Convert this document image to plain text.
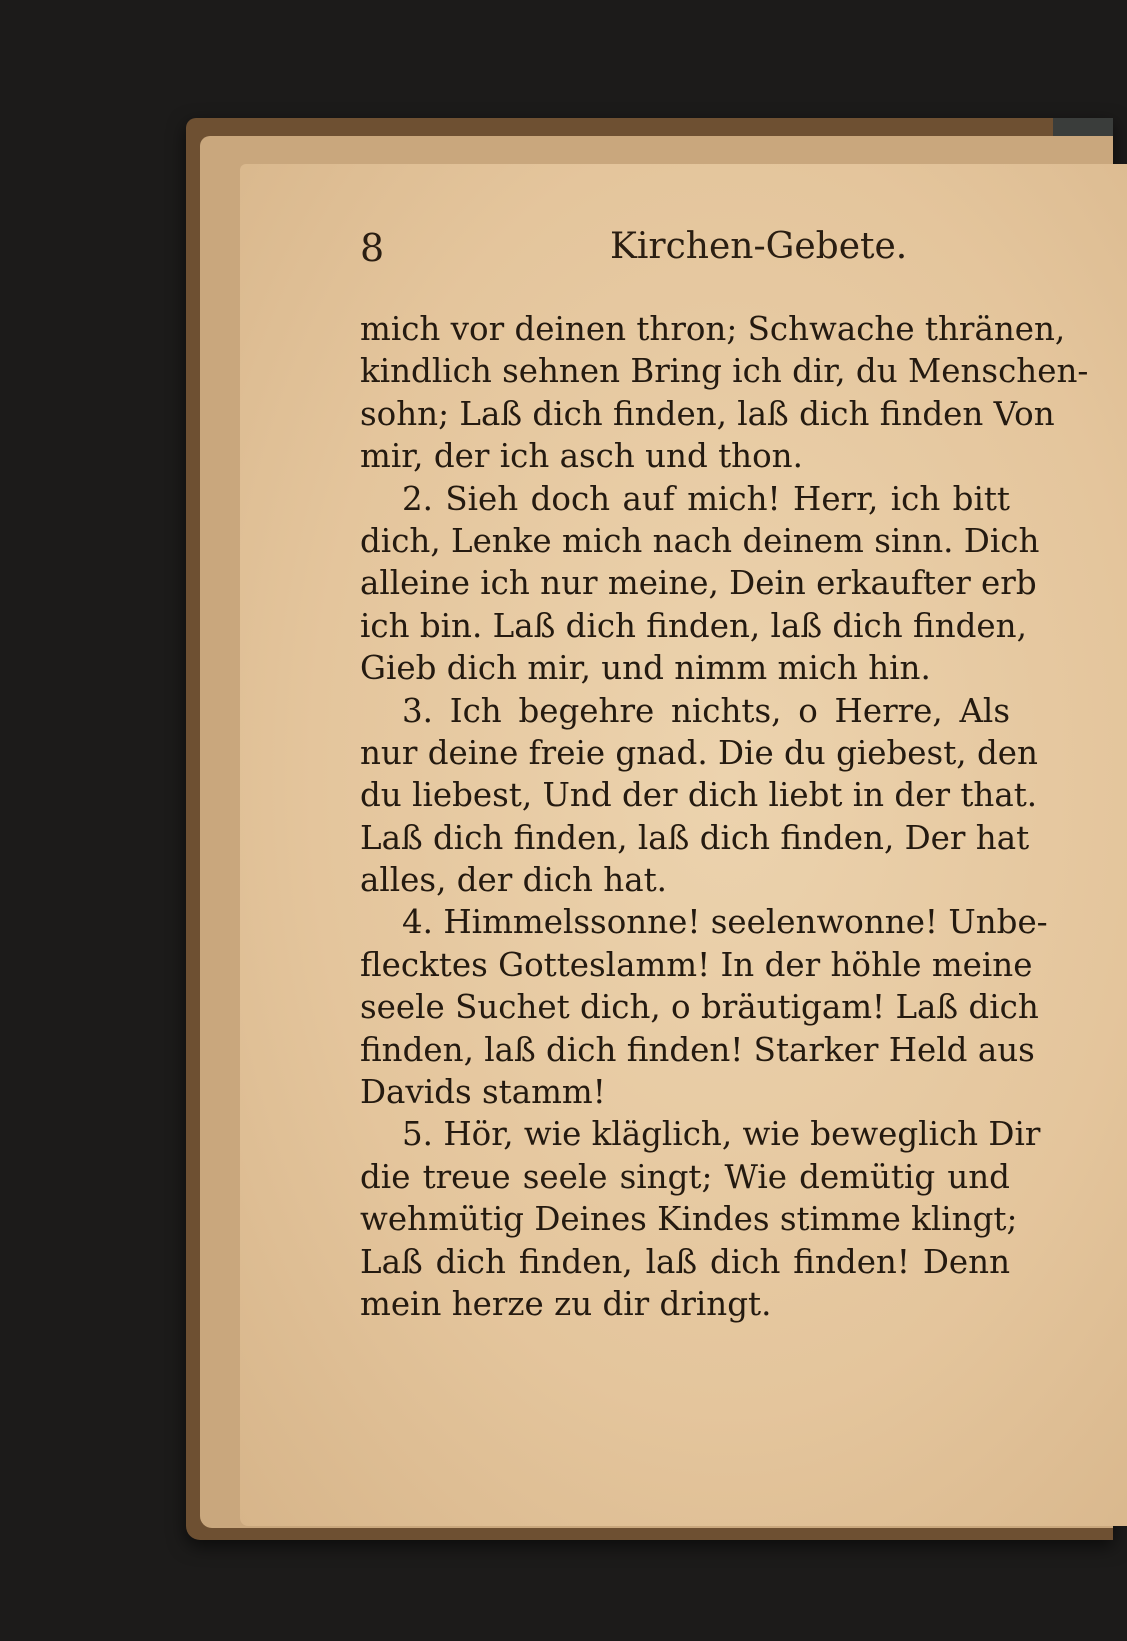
8	Kirchen-Gebete.
mich vor deinen thron; Schwache thränen,
kindlich sehnen Bring ich dir, du Menschen-
sohn; Laß dich finden, laß dich finden Von
mir, der ich asch und thon.
2. Sieh doch auf mich! Herr, ich bitt
dich, Lenke mich nach deinem sinn. Dich
alleine ich nur meine, Dein erkaufter erb
ich bin. Laß dich finden, laß dich finden,
Gieb dich mir, und nimm mich hin.
3. Ich begehre nichts, o Herre, Als
nur deine freie gnad. Die du giebest, den
du liebest, Und der dich liebt in der that.
Laß dich finden, laß dich finden, Der hat
alles, der dich hat.
4. Himmelssonne! seelenwonne! Unbe-
flecktes Gotteslamm! In der höhle meine
seele Suchet dich, o bräutigam! Laß dich
finden, laß dich finden! Starker Held aus
Davids stamm!
5. Hör, wie kläglich, wie beweglich Dir
die treue seele singt; Wie demütig und
wehmütig Deines Kindes stimme klingt;
Laß dich finden, laß dich finden! Denn
mein herze zu dir dringt.
